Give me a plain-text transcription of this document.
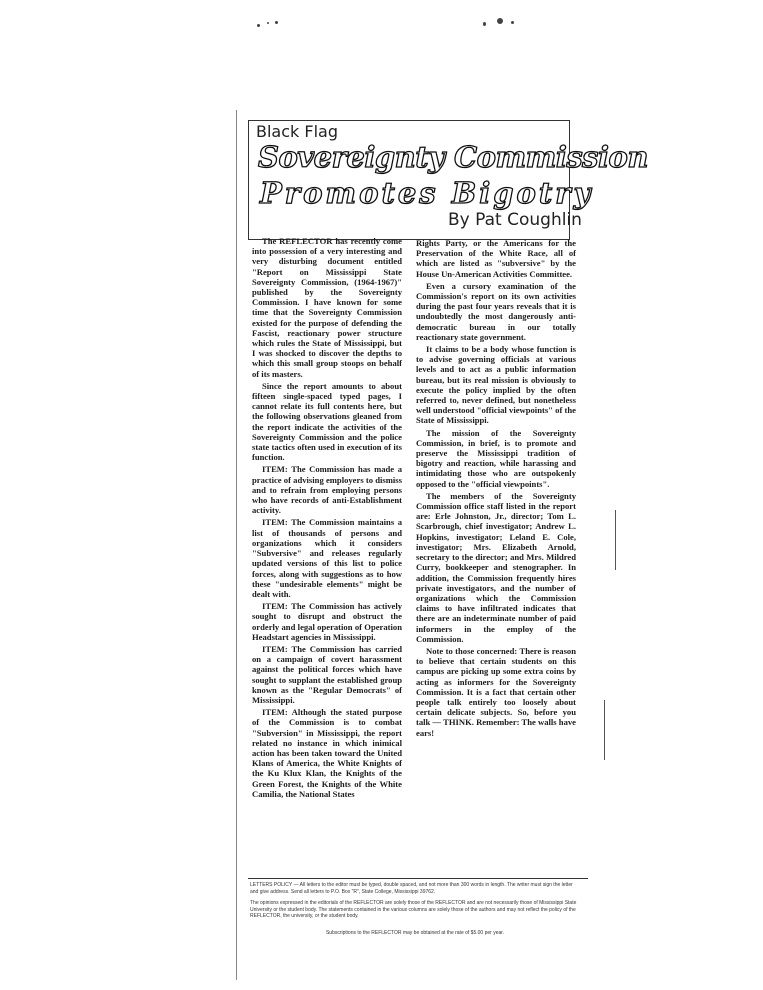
Black Flag
Sovereignty Commission
Promotes Bigotry
By Pat Coughlin

The REFLECTOR has recently come into possession of a very interesting and very disturbing document entitled "Report on Mississippi State Sovereignty Commission, (1964-1967)" published by the Sovereignty Commission. I have known for some time that the Sovereignty Commission existed for the purpose of defending the Fascist, reactionary power structure which rules the State of Mississippi, but I was shocked to discover the depths to which this small group stoops on behalf of its masters.

Since the report amounts to about fifteen single-spaced typed pages, I cannot relate its full contents here, but the following observations gleaned from the report indicate the activities of the Sovereignty Commission and the police state tactics often used in execution of its function.

ITEM: The Commission has made a practice of advising employers to dismiss and to refrain from employing persons who have records of anti-Establishment activity.

ITEM: The Commission maintains a list of thousands of persons and organizations which it considers "Subversive" and releases regularly updated versions of this list to police forces, along with suggestions as to how these "undesirable elements" might be dealt with.

ITEM: The Commission has actively sought to disrupt and obstruct the orderly and legal operation of Operation Headstart agencies in Mississippi.

ITEM: The Commission has carried on a campaign of covert harassment against the political forces which have sought to supplant the established group known as the "Regular Democrats" of Mississippi.

ITEM: Although the stated purpose of the Commission is to combat "Subversion" in Mississippi, the report related no instance in which inimical action has been taken toward the United Klans of America, the White Knights of the Ku Klux Klan, the Knights of the Green Forest, the Knights of the White Camilia, the National States

Rights Party, or the Americans for the Preservation of the White Race, all of which are listed as "subversive" by the House Un-American Activities Committee.

Even a cursory examination of the Commission's report on its own activities during the past four years reveals that it is undoubtedly the most dangerously anti-democratic bureau in our totally reactionary state government.

It claims to be a body whose function is to advise governing officials at various levels and to act as a public information bureau, but its real mission is obviously to execute the policy implied by the often referred to, never defined, but nonetheless well understood "official viewpoints" of the State of Mississippi.

The mission of the Sovereignty Commission, in brief, is to promote and preserve the Mississippi tradition of bigotry and reaction, while harassing and intimidating those who are outspokenly opposed to the "official viewpoints".

The members of the Sovereignty Commission office staff listed in the report are: Erle Johnston, Jr., director; Tom L. Scarbrough, chief investigator; Andrew L. Hopkins, investigator; Leland E. Cole, investigator; Mrs. Elizabeth Arnold, secretary to the director; and Mrs. Mildred Curry, bookkeeper and stenographer. In addition, the Commission frequently hires private investigators, and the number of organizations which the Commission claims to have infiltrated indicates that there are an indeterminate number of paid informers in the employ of the Commission.

Note to those concerned: There is reason to believe that certain students on this campus are picking up some extra coins by acting as informers for the Sovereignty Commission. It is a fact that certain other people talk entirely too loosely about certain delicate subjects. So, before you talk — THINK. Remember: The walls have ears!

LETTERS POLICY — All letters to the editor must be typed, double spaced, and not more than 300 words in length. The writer must sign the letter and give address. Send all letters to P.O. Box "R", State College, Mississippi 39762.
The opinions expressed in the editorials of the REFLECTOR are solely those of the REFLECTOR and are not necessarily those of Mississippi State University or the student body. The statements contained in the various columns are solely those of the authors and may not reflect the policy of the REFLECTOR, the university, or the student body.
Subscriptions to the REFLECTOR may be obtained at the rate of $5.00 per year.
